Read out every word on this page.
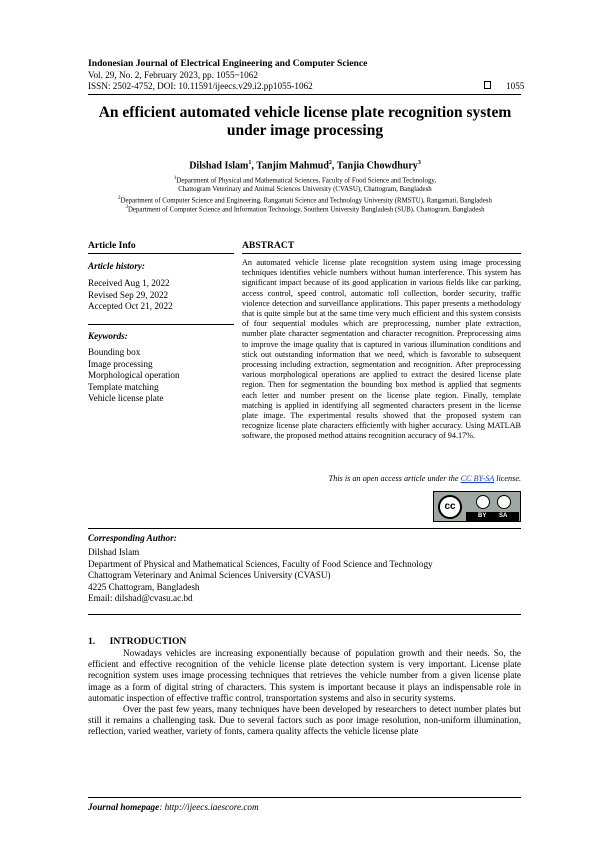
Indonesian Journal of Electrical Engineering and Computer Science
Vol. 29, No. 2, February 2023, pp. 1055~1062
ISSN: 2502-4752, DOI: 10.11591/ijeecs.v29.i2.pp1055-1062	1055
An efficient automated vehicle license plate recognition system
under image processing
Dilshad Islam$^1$, Tanjim Mahmud$^2$, Tanjia Chowdhury$^3$
$^1$Department of Physical and Mathematical Sciences, Faculty of Food Science and Technology,
Chattogram Veterinary and Animal Sciences University (CVASU), Chattogram, Bangladesh
$^2$Department of Computer Science and Engineering, Rangamati Science and Technology University (RMSTU), Rangamati, Bangladesh
$^3$Department of Computer Science and Information Technology, Southern University Bangladesh (SUB), Chattogram, Bangladesh
Article Info
Article history:
Received Aug 1, 2022
Revised Sep 29, 2022
Accepted Oct 21, 2022
Keywords:
Bounding box
Image processing
Morphological operation
Template matching
Vehicle license plate
ABSTRACT
An automated vehicle license plate recognition system using image processing techniques identifies vehicle numbers without human interference. This system has significant impact because of its good application in various fields like car parking, access control, speed control, automatic toll collection, border security, traffic violence detection and surveillance applications. This paper presents a methodology that is quite simple but at the same time very much efficient and this system consists of four sequential modules which are preprocessing, number plate extraction, number plate character segmentation and character recognition. Preprocessing aims to improve the image quality that is captured in various illumination conditions and stick out outstanding information that we need, which is favorable to subsequent processing including extraction, segmentation and recognition. After preprocessing various morphological operations are applied to extract the desired license plate region. Then for segmentation the bounding box method is applied that segments each letter and number present on the license plate region. Finally, template matching is applied in identifying all segmented characters present in the license plate image. The experimental results showed that the proposed system can recognize license plate characters efficiently with higher accuracy. Using MATLAB software, the proposed method attains recognition accuracy of 94.17%.
This is an open access article under the CC BY-SA license.
cc
BY SA
Corresponding Author:
Dilshad Islam
Department of Physical and Mathematical Sciences, Faculty of Food Science and Technology
Chattogram Veterinary and Animal Sciences University (CVASU)
4225 Chattogram, Bangladesh
Email: dilshad@cvasu.ac.bd
1.      INTRODUCTION

Nowadays vehicles are increasing exponentially because of population growth and their needs. So, the efficient and effective recognition of the vehicle license plate detection system is very important. License plate recognition system uses image processing techniques that retrieves the vehicle number from a given license plate image as a form of digital string of characters. This system is important because it plays an indispensable role in automatic inspection of effective traffic control, transportation systems and also in security systems.

Over the past few years, many techniques have been developed by researchers to detect number plates but still it remains a challenging task. Due to several factors such as poor image resolution, non-uniform illumination, reflection, varied weather, variety of fonts, camera quality affects the vehicle license plate

Journal homepage: http://ijeecs.iaescore.com
